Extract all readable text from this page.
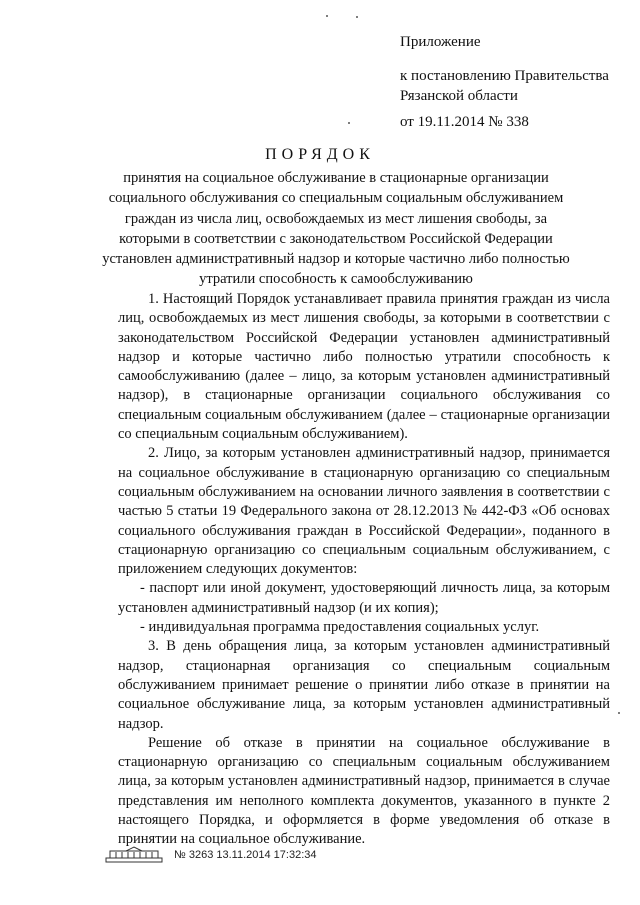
Приложение
к постановлению Правительства
Рязанской области
от 19.11.2014 № 338
ПОРЯДОК
принятия на социальное обслуживание в стационарные организации социального обслуживания со специальным социальным обслуживанием граждан из числа лиц, освобождаемых из мест лишения свободы, за которыми в соответствии с законодательством Российской Федерации установлен административный надзор и которые частично либо полностью утратили способность к самообслуживанию

1. Настоящий Порядок устанавливает правила принятия граждан из числа лиц, освобождаемых из мест лишения свободы, за которыми в соответствии с законодательством Российской Федерации установлен административный надзор и которые частично либо полностью утратили способность к самообслуживанию (далее – лицо, за которым установлен административный надзор), в стационарные организации социального обслуживания со специальным социальным обслуживанием (далее – стационарные организации со специальным социальным обслуживанием).

2. Лицо, за которым установлен административный надзор, принимается на социальное обслуживание в стационарную организацию со специальным социальным обслуживанием на основании личного заявления в соответствии с частью 5 статьи 19 Федерального закона от 28.12.2013 № 442-ФЗ «Об основах социального обслуживания граждан в Российской Федерации», поданного в стационарную организацию со специальным социальным обслуживанием, с приложением следующих документов:

- паспорт или иной документ, удостоверяющий личность лица, за которым установлен административный надзор (и их копия);

- индивидуальная программа предоставления социальных услуг.

3. В день обращения лица, за которым установлен административный надзор, стационарная организация со специальным социальным обслуживанием принимает решение о принятии либо отказе в принятии на социальное обслуживание лица, за которым установлен административный надзор.

Решение об отказе в принятии на социальное обслуживание в стационарную организацию со специальным социальным обслуживанием лица, за которым установлен административный надзор, принимается в случае представления им неполного комплекта документов, указанного в пункте 2 настоящего Порядка, и оформляется в форме уведомления об отказе в принятии на социальное обслуживание.

№ 3263 13.11.2014 17:32:34
